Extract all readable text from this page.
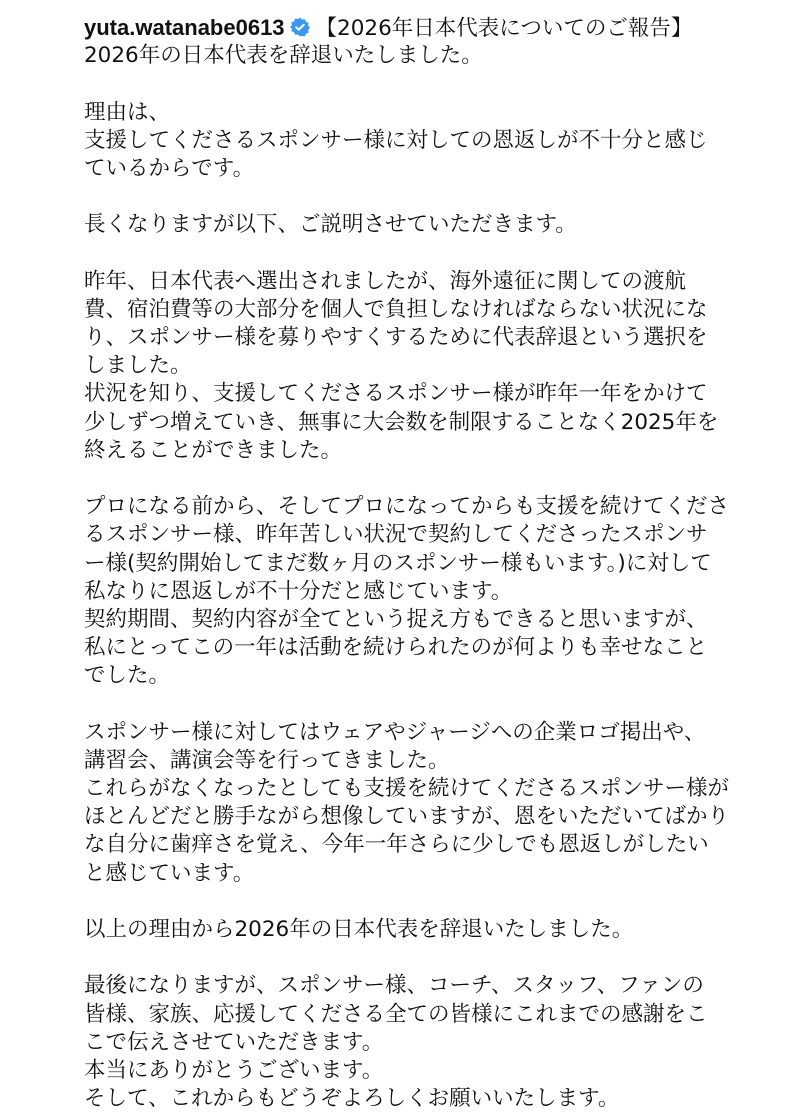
yuta.watanabe0613 【2026年日本代表についてのご報告】
2026年の日本代表を辞退いたしました。
理由は、
支援してくださるスポンサー様に対しての恩返しが不十分と感じ
ているからです。
長くなりますが以下、ご説明させていただきます。
昨年、日本代表へ選出されましたが、海外遠征に関しての渡航
費、宿泊費等の大部分を個人で負担しなければならない状況にな
り、スポンサー様を募りやすくするために代表辞退という選択を
しました。
状況を知り、支援してくださるスポンサー様が昨年一年をかけて
少しずつ増えていき、無事に大会数を制限することなく2025年を
終えることができました。
プロになる前から、そしてプロになってからも支援を続けてくださ
るスポンサー様、昨年苦しい状況で契約してくださったスポンサ
ー様(契約開始してまだ数ヶ月のスポンサー様もいます。)に対して
私なりに恩返しが不十分だと感じています。
契約期間、契約内容が全てという捉え方もできると思いますが、
私にとってこの一年は活動を続けられたのが何よりも幸せなこと
でした。
スポンサー様に対してはウェアやジャージへの企業ロゴ掲出や、
講習会、講演会等を行ってきました。
これらがなくなったとしても支援を続けてくださるスポンサー様が
ほとんどだと勝手ながら想像していますが、恩をいただいてばかり
な自分に歯痒さを覚え、今年一年さらに少しでも恩返しがしたい
と感じています。
以上の理由から2026年の日本代表を辞退いたしました。
最後になりますが、スポンサー様、コーチ、スタッフ、ファンの
皆様、家族、応援してくださる全ての皆様にこれまでの感謝をこ
こで伝えさせていただきます。
本当にありがとうございます。
そして、これからもどうぞよろしくお願いいたします。
